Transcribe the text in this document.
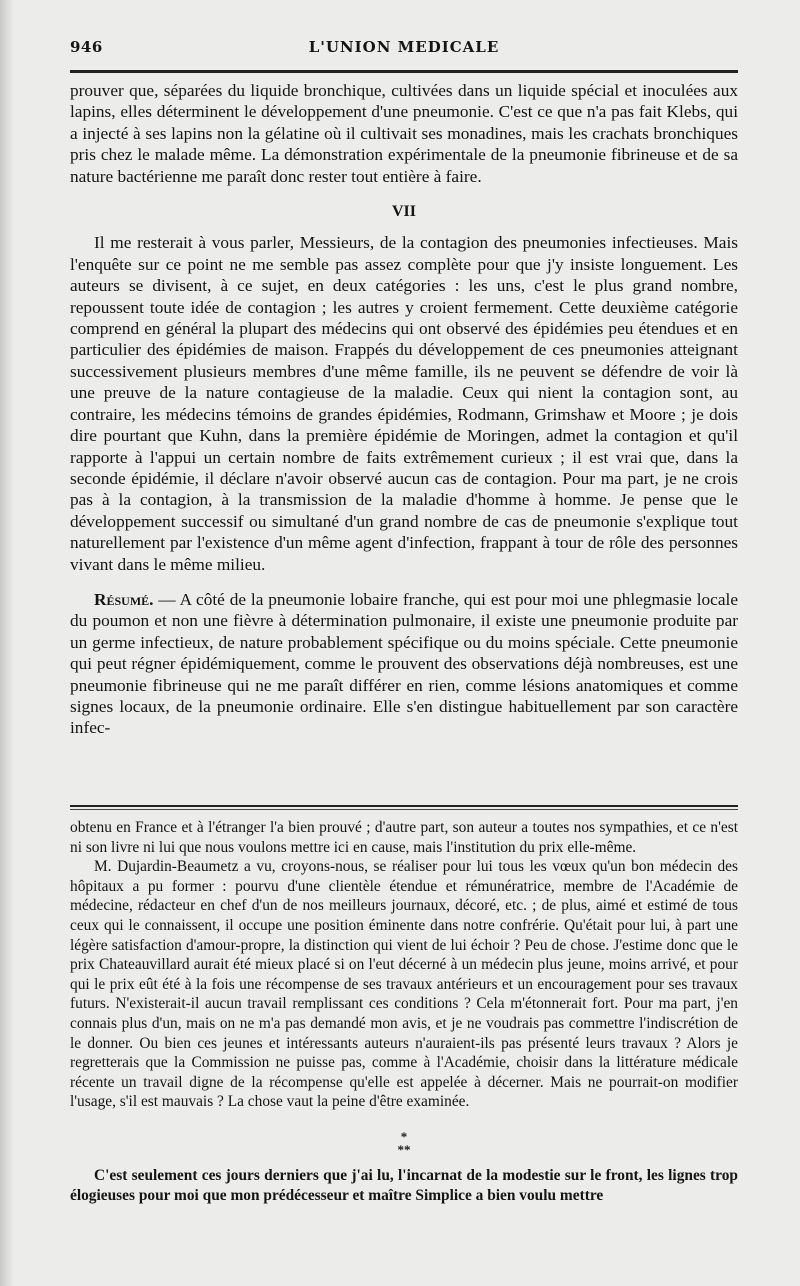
946	L'UNION MEDICALE

prouver que, séparées du liquide bronchique, cultivées dans un liquide spécial et inoculées aux lapins, elles déterminent le développement d'une pneumonie. C'est ce que n'a pas fait Klebs, qui a injecté à ses lapins non la gélatine où il cultivait ses monadines, mais les crachats bronchiques pris chez le malade même. La démonstration expérimentale de la pneumonie fibrineuse et de sa nature bactérienne me paraît donc rester tout entière à faire.

VII

Il me resterait à vous parler, Messieurs, de la contagion des pneumonies infectieuses. Mais l'enquête sur ce point ne me semble pas assez complète pour que j'y insiste longuement. Les auteurs se divisent, à ce sujet, en deux catégories : les uns, c'est le plus grand nombre, repoussent toute idée de contagion ; les autres y croient fermement. Cette deuxième catégorie comprend en général la plupart des médecins qui ont observé des épidémies peu étendues et en particulier des épidémies de maison. Frappés du développement de ces pneumonies atteignant successivement plusieurs membres d'une même famille, ils ne peuvent se défendre de voir là une preuve de la nature contagieuse de la maladie. Ceux qui nient la contagion sont, au contraire, les médecins témoins de grandes épidémies, Rodmann, Grimshaw et Moore ; je dois dire pourtant que Kuhn, dans la première épidémie de Moringen, admet la contagion et qu'il rapporte à l'appui un certain nombre de faits extrêmement curieux ; il est vrai que, dans la seconde épidémie, il déclare n'avoir observé aucun cas de contagion. Pour ma part, je ne crois pas à la contagion, à la transmission de la maladie d'homme à homme. Je pense que le développement successif ou simultané d'un grand nombre de cas de pneumonie s'explique tout naturellement par l'existence d'un même agent d'infection, frappant à tour de rôle des personnes vivant dans le même milieu.

Résumé. — A côté de la pneumonie lobaire franche, qui est pour moi une phlegmasie locale du poumon et non une fièvre à détermination pulmonaire, il existe une pneumonie produite par un germe infectieux, de nature probablement spécifique ou du moins spéciale. Cette pneumonie qui peut régner épidémiquement, comme le prouvent des observations déjà nombreuses, est une pneumonie fibrineuse qui ne me paraît différer en rien, comme lésions anatomiques et comme signes locaux, de la pneumonie ordinaire. Elle s'en distingue habituellement par son caractère infec-

obtenu en France et à l'étranger l'a bien prouvé ; d'autre part, son auteur a toutes nos sympathies, et ce n'est ni son livre ni lui que nous voulons mettre ici en cause, mais l'institution du prix elle-même.

M. Dujardin-Beaumetz a vu, croyons-nous, se réaliser pour lui tous les vœux qu'un bon médecin des hôpitaux a pu former : pourvu d'une clientèle étendue et rémunératrice, membre de l'Académie de médecine, rédacteur en chef d'un de nos meilleurs journaux, décoré, etc. ; de plus, aimé et estimé de tous ceux qui le connaissent, il occupe une position éminente dans notre confrérie. Qu'était pour lui, à part une légère satisfaction d'amour-propre, la distinction qui vient de lui échoir ? Peu de chose. J'estime donc que le prix Chateauvillard aurait été mieux placé si on l'eut décerné à un médecin plus jeune, moins arrivé, et pour qui le prix eût été à la fois une récompense de ses travaux antérieurs et un encouragement pour ses travaux futurs. N'existerait-il aucun travail remplissant ces conditions ? Cela m'étonnerait fort. Pour ma part, j'en connais plus d'un, mais on ne m'a pas demandé mon avis, et je ne voudrais pas commettre l'indiscrétion de le donner. Ou bien ces jeunes et intéressants auteurs n'auraient-ils pas présenté leurs travaux ? Alors je regretterais que la Commission ne puisse pas, comme à l'Académie, choisir dans la littérature médicale récente un travail digne de la récompense qu'elle est appelée à décerner. Mais ne pourrait-on modifier l'usage, s'il est mauvais ? La chose vaut la peine d'être examinée.

*
**

C'est seulement ces jours derniers que j'ai lu, l'incarnat de la modestie sur le front, les lignes trop élogieuses pour moi que mon prédécesseur et maître Simplice a bien voulu mettre
